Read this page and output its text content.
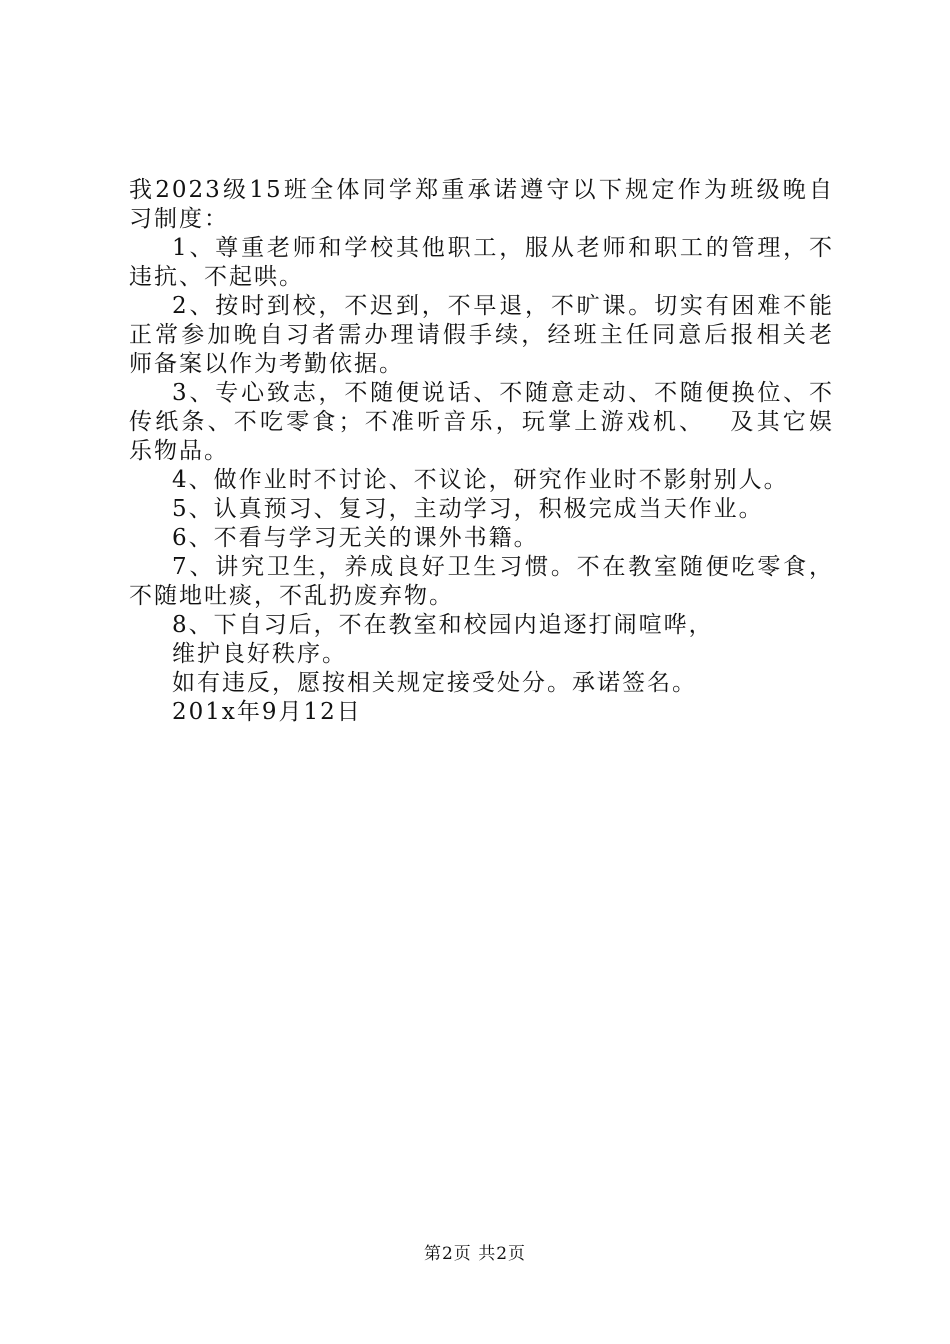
我2023级15班全体同学郑重承诺遵守以下规定作为班级晚自
习制度：
1、尊重老师和学校其他职工，服从老师和职工的管理，不
违抗、不起哄。
2、按时到校，不迟到，不早退，不旷课。切实有困难不能
正常参加晚自习者需办理请假手续，经班主任同意后报相关老
师备案以作为考勤依据。
3、专心致志，不随便说话、不随意走动、不随便换位、不
传纸条、不吃零食；不准听音乐，玩掌上游戏机、　 及其它娱
乐物品。
4、做作业时不讨论、不议论，研究作业时不影射别人。
5、认真预习、复习，主动学习，积极完成当天作业。
6、不看与学习无关的课外书籍。
7、讲究卫生，养成良好卫生习惯。不在教室随便吃零食，
不随地吐痰，不乱扔废弃物。
8、下自习后，不在教室和校园内追逐打闹喧哗，
维护良好秩序。
如有违反，愿按相关规定接受处分。承诺签名。
201x年9月12日
第2页 共2页
